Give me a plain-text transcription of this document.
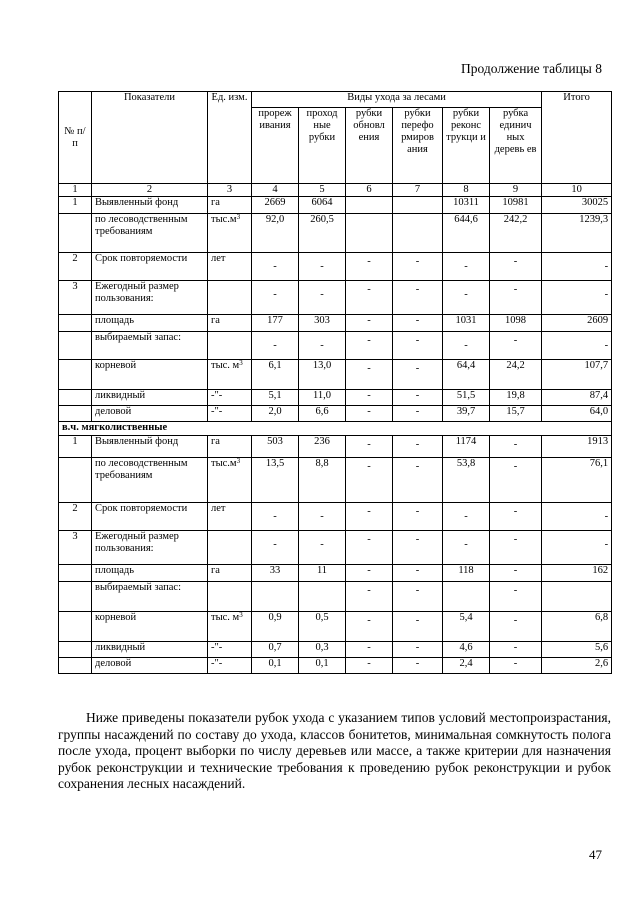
Продолжение таблицы 8
№ п/п	Показатели	Ед. изм.	Виды ухода за лесами						Итого
			прореж ивания	проход ные рубки	рубки обновл ения	рубки перефо рмиров ания	рубки реконс трукци и	рубка единич ных деревь ев	
1	2	3	4	5	6	7	8	9	10
1	Выявленный фонд	га	2669	6064			10311	10981	30025
	по лесоводственным требованиям	$тыс.м^3$	92,0	260,5			644,6	242,2	1239,3
2	Срок повторяемости	лет	-	-	-	-	-	-	-
3	Ежегодный размер пользования:		-	-	-	-	-	-	-
	площадь	га	177	303	-	-	1031	1098	2609
	выбираемый запас:		-	-	-	-	-	-	-
	корневой	тыс. $м^3$	6,1	13,0	-	-	64,4	24,2	107,7
	ликвидный	-"-	5,1	11,0	-	-	51,5	19,8	87,4
	деловой	-"-	2,0	6,6	-	-	39,7	15,7	64,0
в.ч. мягколиственные									
1	Выявленный фонд	га	503	236	-	-	1174	-	1913
	по лесоводственным требованиям	$тыс.м^3$	13,5	8,8	-	-	53,8	-	76,1
2	Срок повторяемости	лет	-	-	-	-	-	-	-
3	Ежегодный размер пользования:		-	-	-	-	-	-	-
	площадь	га	33	11	-	-	118	-	162
	выбираемый запас:				-	-		-	
	корневой	тыс. $м^3$	0,9	0,5	-	-	5,4	-	6,8
	ликвидный	-"-	0,7	0,3	-	-	4,6	-	5,6
	деловой	-"-	0,1	0,1	-	-	2,4	-	2,6
Ниже приведены показатели рубок ухода с указанием типов условий местопроизрастания, группы насаждений по составу до ухода, классов бонитетов, минимальная сомкнутость полога после ухода, процент выборки по числу деревьев или массе, а также критерии для назначения рубок реконструкции и технические требования к проведению рубок реконструкции и рубок сохранения лесных насаждений.
47
